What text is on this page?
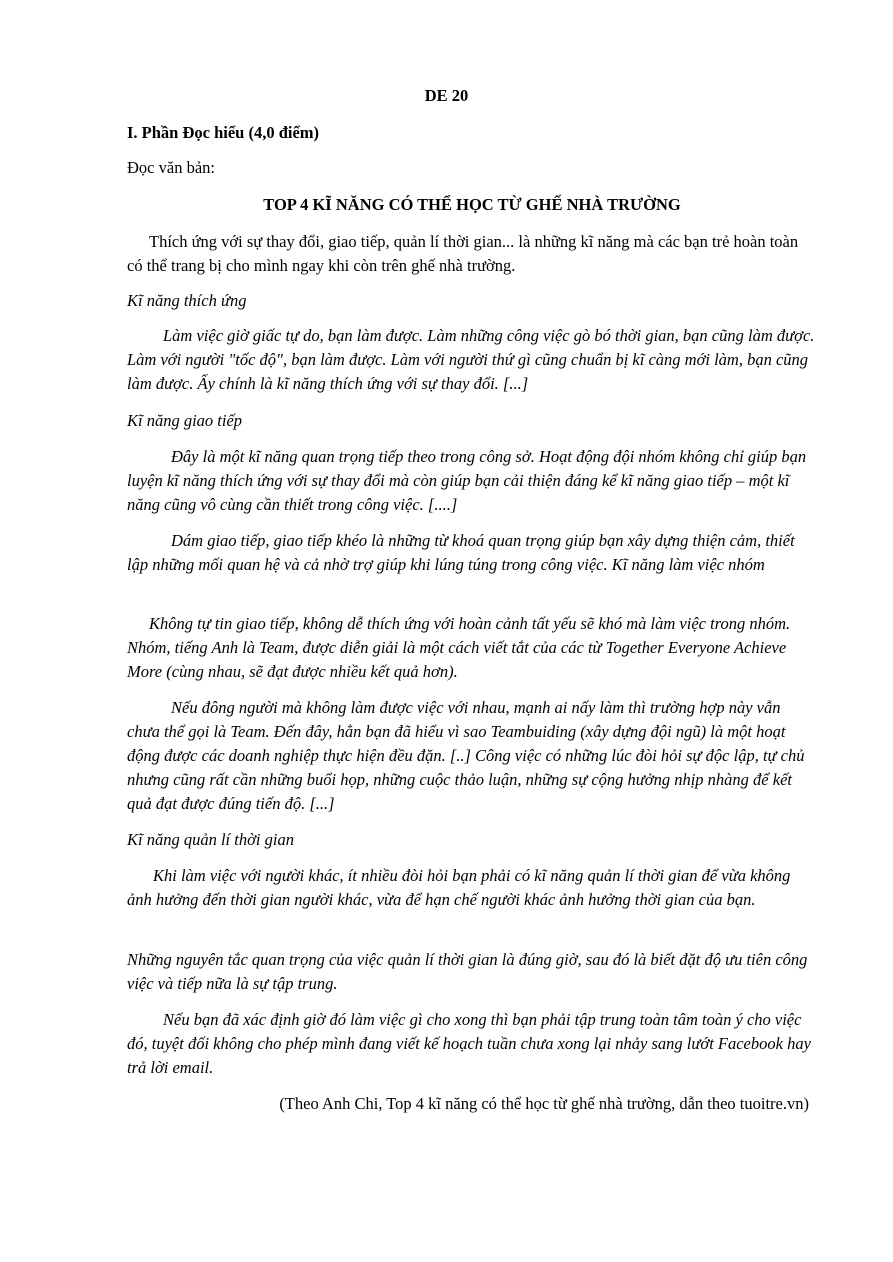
DE 20
I. Phần Đọc hiểu (4,0 điểm)
Đọc văn bản:
TOP 4 KĨ NĂNG CÓ THỂ HỌC TỪ GHẾ NHÀ TRƯỜNG
Thích ứng với sự thay đổi, giao tiếp, quản lí thời gian... là những kĩ năng mà các bạn trẻ hoàn toàn có thể trang bị cho mình ngay khi còn trên ghế nhà trường.
Kĩ năng thích ứng
Làm việc giờ giấc tự do, bạn làm được. Làm những công việc gò bó thời gian, bạn cũng làm được. Làm với người "tốc độ", bạn làm được. Làm với người thứ gì cũng chuẩn bị kĩ càng mới làm, bạn cũng làm được. Ấy chính là kĩ năng thích ứng với sự thay đổi. [...]
Kĩ năng giao tiếp
Đây là một kĩ năng quan trọng tiếp theo trong công sở. Hoạt động đội nhóm không chỉ giúp bạn luyện kĩ năng thích ứng với sự thay đổi mà còn giúp bạn cải thiện đáng kể kĩ năng giao tiếp – một kĩ năng cũng vô cùng cần thiết trong công việc. [....]
Dám giao tiếp, giao tiếp khéo là những từ khoá quan trọng giúp bạn xây dựng thiện cảm, thiết lập những mối quan hệ và cả nhờ trợ giúp khi lúng túng trong công việc. Kĩ năng làm việc nhóm
Không tự tin giao tiếp, không dễ thích ứng với hoàn cảnh tất yếu sẽ khó mà làm việc trong nhóm. Nhóm, tiếng Anh là Team, được diễn giải là một cách viết tắt của các từ Together Everyone Achieve More (cùng nhau, sẽ đạt được nhiều kết quả hơn).
Nếu đông người mà không làm được việc với nhau, mạnh ai nấy làm thì trường hợp này vẫn chưa thể gọi là Team. Đến đây, hẳn bạn đã hiểu vì sao Teambuiding (xây dựng đội ngũ) là một hoạt động được các doanh nghiệp thực hiện đều đặn. [..] Công việc có những lúc đòi hỏi sự độc lập, tự chủ nhưng cũng rất cần những buổi họp, những cuộc thảo luận, những sự cộng hưởng nhịp nhàng để kết quả đạt được đúng tiến độ. [...]
Kĩ năng quản lí thời gian
Khi làm việc với người khác, ít nhiều đòi hỏi bạn phải có kĩ năng quản lí thời gian để vừa không ảnh hưởng đến thời gian người khác, vừa để hạn chế người khác ảnh hưởng thời gian của bạn.
Những nguyên tắc quan trọng của việc quản lí thời gian là đúng giờ, sau đó là biết đặt độ ưu tiên công việc và tiếp nữa là sự tập trung.
Nếu bạn đã xác định giờ đó làm việc gì cho xong thì bạn phải tập trung toàn tâm toàn ý cho việc đó, tuyệt đối không cho phép mình đang viết kế hoạch tuần chưa xong lại nhảy sang lướt Facebook hay trả lời email.
(Theo Anh Chi, Top 4 kĩ năng có thể học từ ghế nhà trường, dẫn theo tuoitre.vn)
